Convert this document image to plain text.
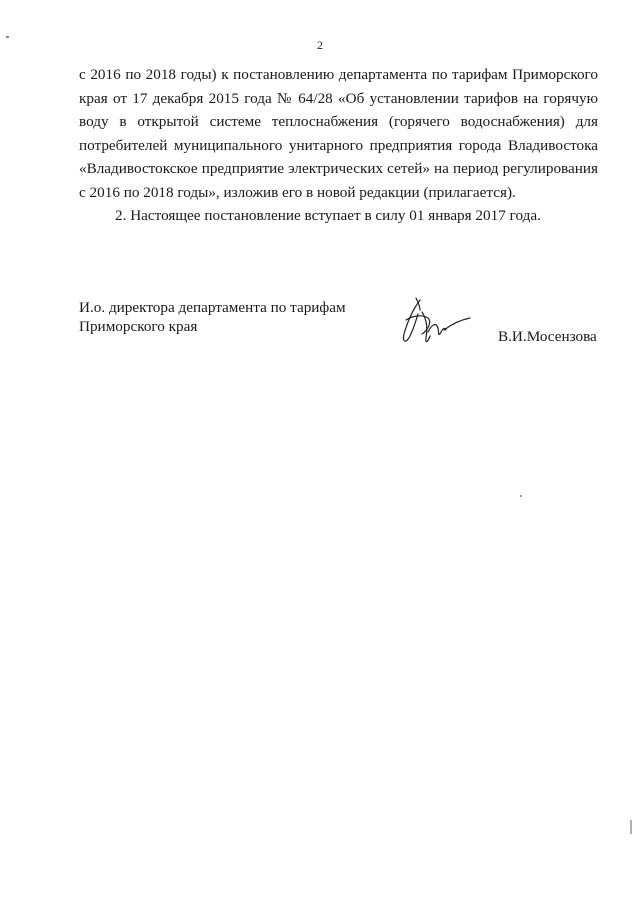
2
с 2016 по 2018 годы) к постановлению департамента по тарифам Приморского
края от 17 декабря 2015 года № 64/28 «Об установлении тарифов на горячую
воду в открытой системе теплоснабжения (горячего водоснабжения) для
потребителей муниципального унитарного предприятия города Владивостока
«Владивостокское предприятие электрических сетей» на период регулирования
с 2016 по 2018 годы», изложив его в новой редакции (прилагается).
2. Настоящее постановление вступает в силу 01 января 2017 года.
И.о. директора департамента по тарифам
Приморского края
В.И.Мосензова
